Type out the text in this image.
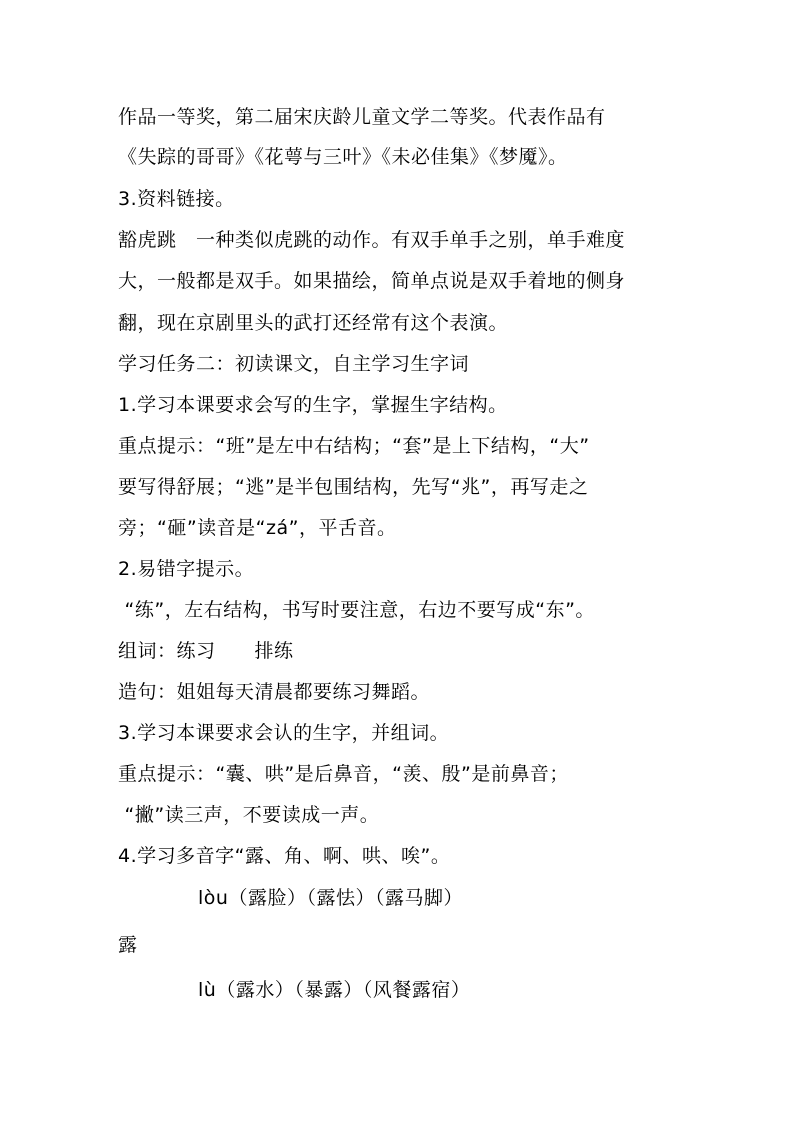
作品一等奖，第二届宋庆龄儿童文学二等奖。代表作品有
《失踪的哥哥》《花萼与三叶》《未必佳集》《梦魇》。
3.资料链接。
豁虎跳　一种类似虎跳的动作。有双手单手之别，单手难度
大，一般都是双手。如果描绘，简单点说是双手着地的侧身
翻，现在京剧里头的武打还经常有这个表演。
学习任务二：初读课文，自主学习生字词
1.学习本课要求会写的生字，掌握生字结构。
重点提示：“班”是左中右结构；“套”是上下结构，“大”
要写得舒展；“逃”是半包围结构，先写“兆”，再写走之
旁；“砸”读音是“zá”，平舌音。
2.易错字提示。
“练”，左右结构，书写时要注意，右边不要写成“东”。
组词：练习　　排练
造句：姐姐每天清晨都要练习舞蹈。
3.学习本课要求会认的生字，并组词。
重点提示：“囊、哄”是后鼻音，“羡、殷”是前鼻音；
“撇”读三声，不要读成一声。
4.学习多音字“露、角、啊、哄、唉”。
lòu（露脸）（露怯）（露马脚）
露
lù（露水）（暴露）（风餐露宿）
